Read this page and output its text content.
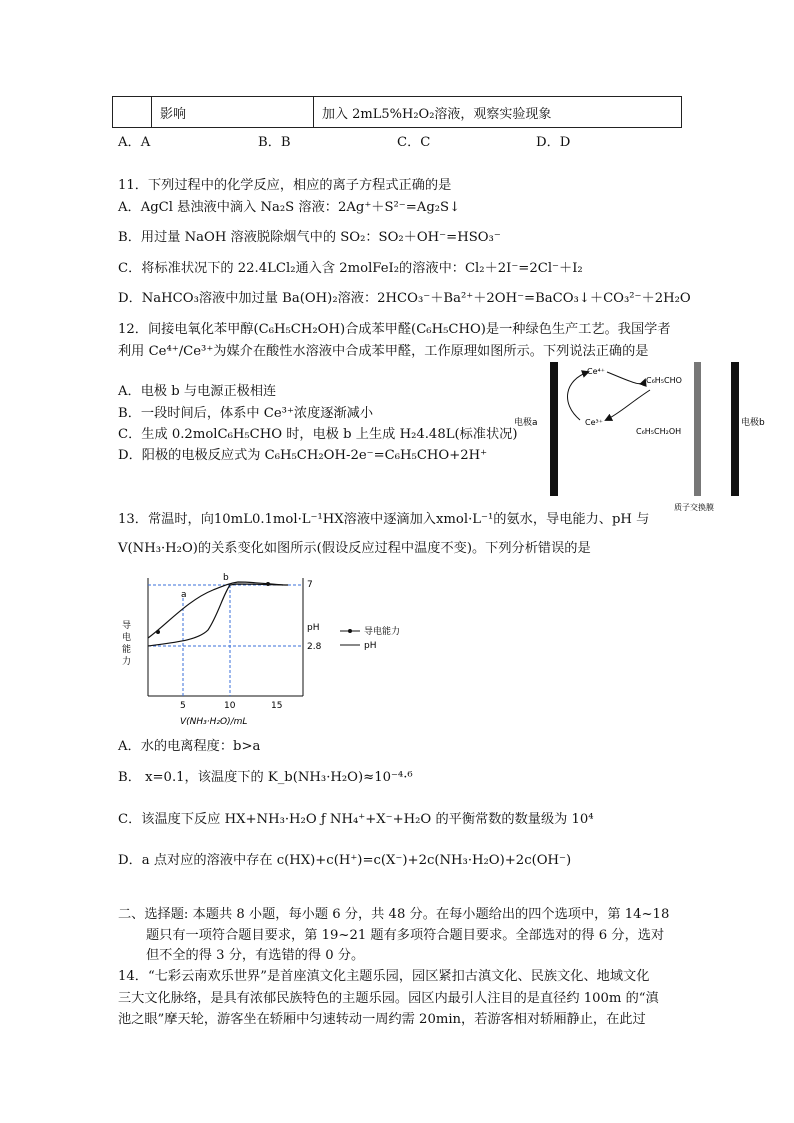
	影响	加入 2mL5%H₂O₂溶液，观察实验现象
A．A	B．B	C．C	D．D
11．下列过程中的化学反应，相应的离子方程式正确的是
A．AgCl 悬浊液中滴入 Na₂S 溶液：2Ag⁺＋S²⁻=Ag₂S↓
B．用过量 NaOH 溶液脱除烟气中的 SO₂：SO₂＋OH⁻=HSO₃⁻
C．将标准状况下的 22.4LCl₂通入含 2molFeI₂的溶液中：Cl₂＋2I⁻=2Cl⁻＋I₂
D．NaHCO₃溶液中加过量 Ba(OH)₂溶液：2HCO₃⁻＋Ba²⁺＋2OH⁻=BaCO₃↓＋CO₃²⁻＋2H₂O
12．间接电氧化苯甲醇(C₆H₅CH₂OH)合成苯甲醛(C₆H₅CHO)是一种绿色生产工艺。我国学者
利用 Ce⁴⁺/Ce³⁺为媒介在酸性水溶液中合成苯甲醛，工作原理如图所示。下列说法正确的是
A．电极 b 与电源正极相连
B．一段时间后，体系中 Ce³⁺浓度逐渐减小
C．生成 0.2molC₆H₅CHO 时，电极 b 上生成 H₂4.48L(标准状况)
D．阳极的电极反应式为 C₆H₅CH₂OH-2e⁻=C₆H₅CHO+2H⁺
电极a	电极b
Ce⁴⁺
Ce³⁺
C₆H₅CHO
C₆H₅CH₂OH
质子交换膜
13．常温时，向10mL0.1mol·L⁻¹HX溶液中逐滴加入xmol·L⁻¹的氨水，导电能力、pH 与
V(NH₃·H₂O)的关系变化如图所示(假设反应过程中温度不变)。下列分析错误的是
a
b
7
pH
2.8
5	10	15
V(NH₃·H₂O)/mL
导
电
能
力
导电能力
pH
A．水的电离程度：b>a
B． x=0.1，该温度下的 K_b(NH₃·H₂O)≈10⁻⁴·⁶
C．该温度下反应 HX+NH₃·H₂O ƒ NH₄⁺+X⁻+H₂O 的平衡常数的数量级为 10⁴
D．a 点对应的溶液中存在 c(HX)+c(H⁺)=c(X⁻)+2c(NH₃·H₂O)+2c(OH⁻)
二、选择题: 本题共 8 小题，每小题 6 分，共 48 分。在每小题给出的四个选项中，第 14~18
题只有一项符合题目要求，第 19~21 题有多项符合题目要求。全部选对的得 6 分，选对
但不全的得 3 分，有选错的得 0 分。
14．“七彩云南欢乐世界”是首座滇文化主题乐园，园区紧扣古滇文化、民族文化、地域文化
三大文化脉络，是具有浓郁民族特色的主题乐园。园区内最引人注目的是直径约 100m 的“滇
池之眼”摩天轮，游客坐在轿厢中匀速转动一周约需 20min，若游客相对轿厢静止，在此过
